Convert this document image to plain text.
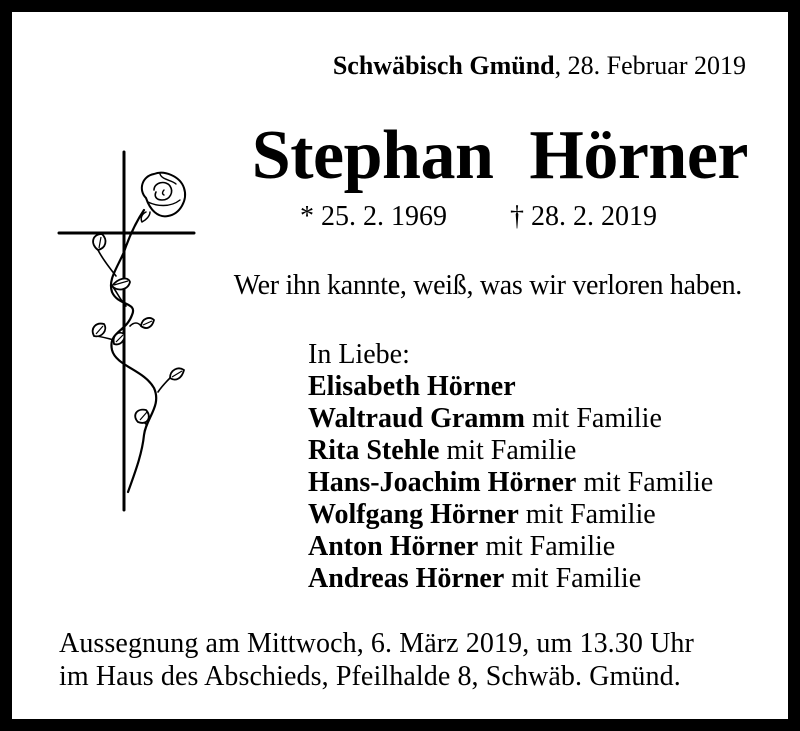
Schwäbisch Gmünd, 28. Februar 2019
Stephan Hörner
* 25. 2. 1969 † 28. 2. 2019
Wer ihn kannte, weiß, was wir verloren haben.
In Liebe:
Elisabeth Hörner
Waltraud Gramm mit Familie
Rita Stehle mit Familie
Hans-Joachim Hörner mit Familie
Wolfgang Hörner mit Familie
Anton Hörner mit Familie
Andreas Hörner mit Familie
Aussegnung am Mittwoch, 6. März 2019, um 13.30 Uhr
im Haus des Abschieds, Pfeilhalde 8, Schwäb. Gmünd.
